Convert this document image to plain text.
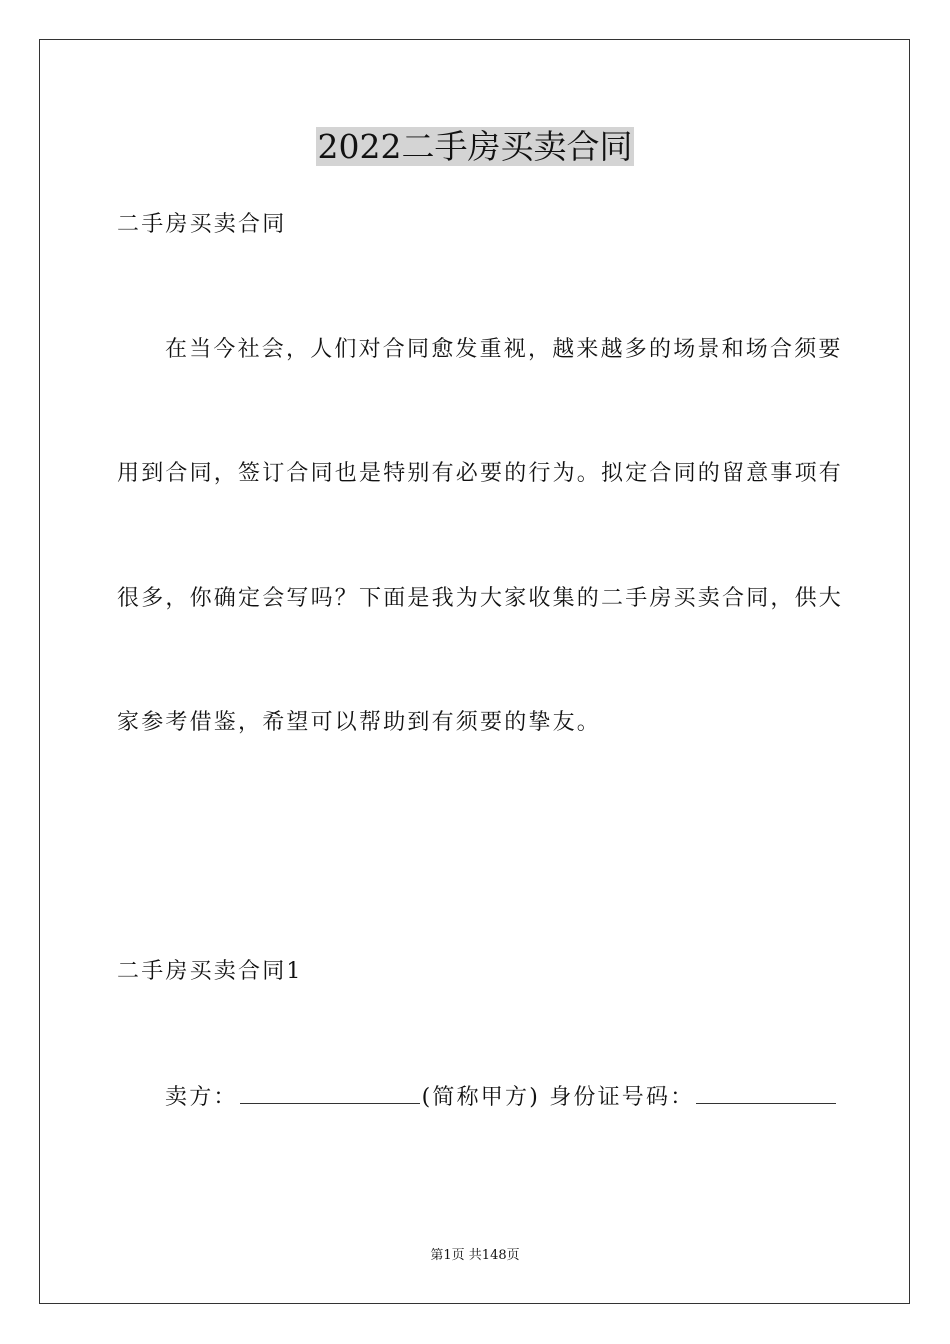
2022二手房买卖合同
二手房买卖合同
在当今社会，人们对合同愈发重视，越来越多的场景和场合须要
用到合同，签订合同也是特别有必要的行为。拟定合同的留意事项有
很多，你确定会写吗？下面是我为大家收集的二手房买卖合同，供大
家参考借鉴，希望可以帮助到有须要的挚友。
二手房买卖合同1
卖方：	(简称甲方) 身份证号码：
第1页 共148页
